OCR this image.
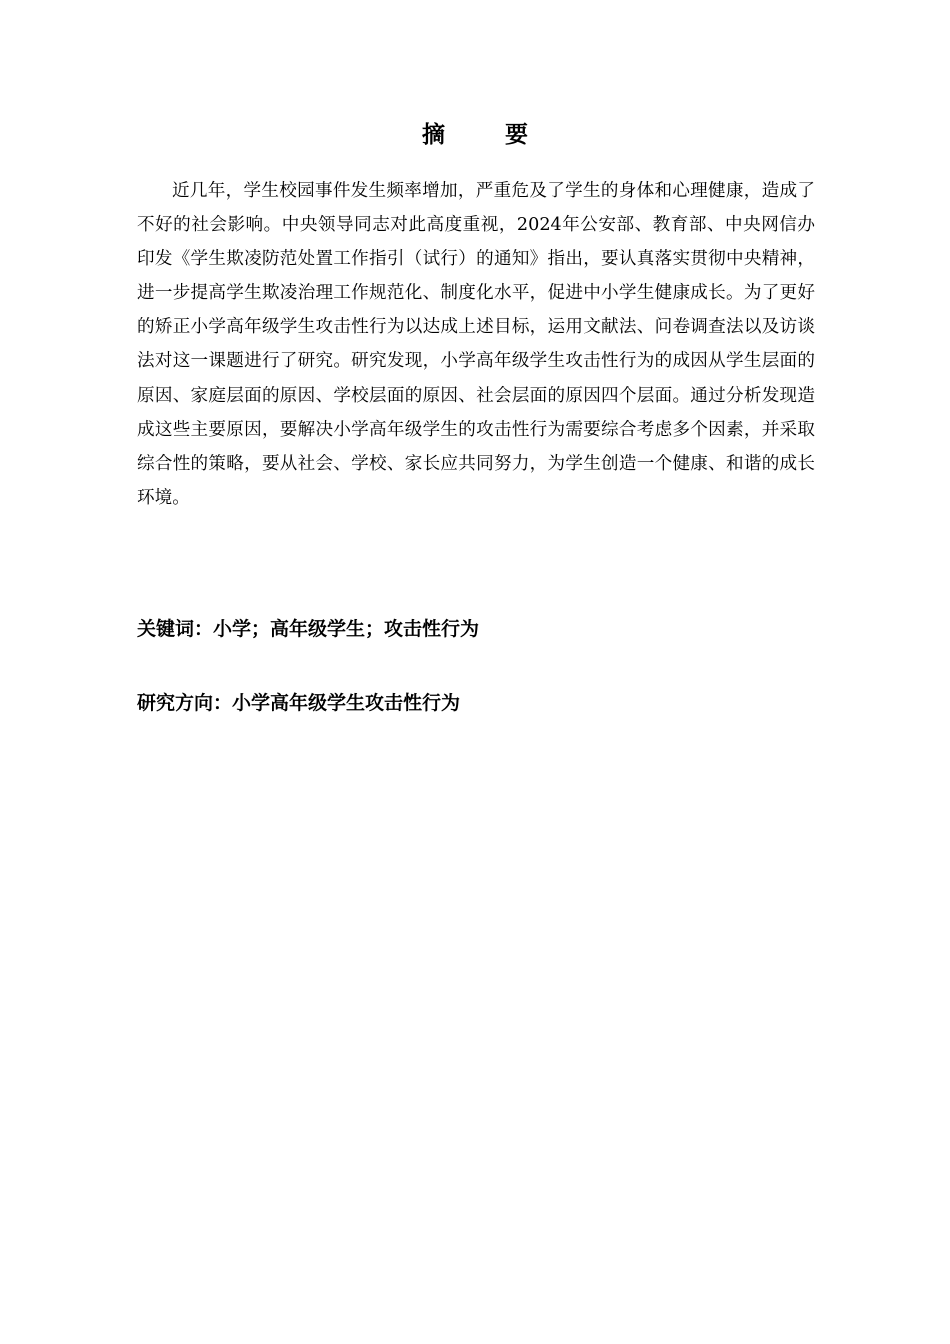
摘 要

近几年，学生校园事件发生频率增加，严重危及了学生的身体和心理健康，造成了不好的社会影响。中央领导同志对此高度重视，2024年公安部、教育部、中央网信办印发《学生欺凌防范处置工作指引（试行）的通知》指出，要认真落实贯彻中央精神，进一步提高学生欺凌治理工作规范化、制度化水平，促进中小学生健康成长。为了更好的矫正小学高年级学生攻击性行为以达成上述目标，运用文献法、问卷调查法以及访谈法对这一课题进行了研究。研究发现，小学高年级学生攻击性行为的成因从学生层面的原因、家庭层面的原因、学校层面的原因、社会层面的原因四个层面。通过分析发现造成这些主要原因，要解决小学高年级学生的攻击性行为需要综合考虑多个因素，并采取综合性的策略，要从社会、学校、家长应共同努力，为学生创造一个健康、和谐的成长环境。

关键词：小学；高年级学生；攻击性行为
研究方向：小学高年级学生攻击性行为
